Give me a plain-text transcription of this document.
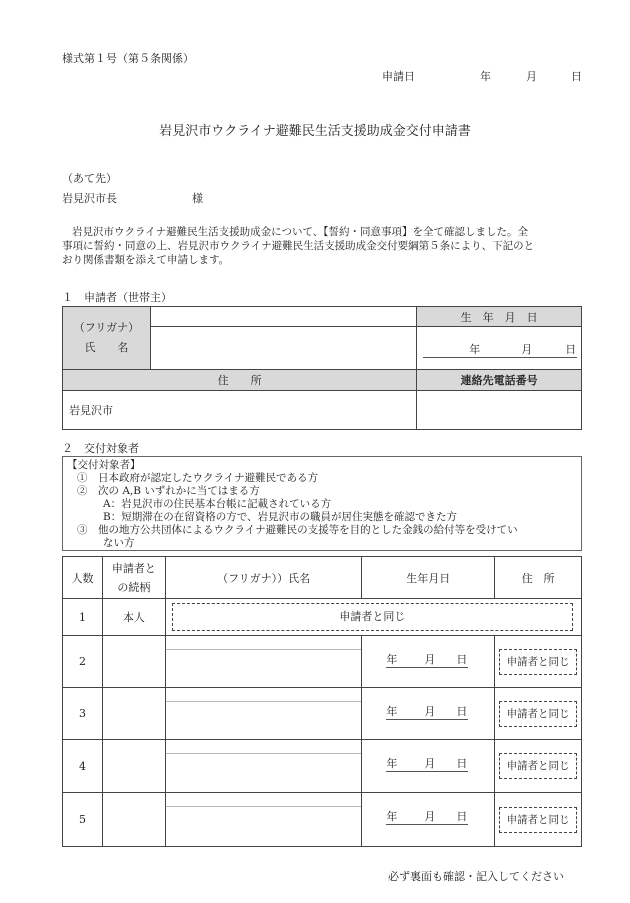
様式第１号（第５条関係）
申請日	年	月	日
岩見沢市ウクライナ避難民生活支援助成金交付申請書
（あて先）
岩見沢市長	様
岩見沢市ウクライナ避難民生活支援助成金について、【誓約・同意事項】を全て確認しました。全
事項に誓約・同意の上、岩見沢市ウクライナ避難民生活支援助成金交付要綱第５条により、下記のと
おり関係書類を添えて申請します。
１　申請者（世帯主）
（フリガナ）
氏　　名		生　年　月　日

		年 月 日

住　　所		連絡先電話番号
岩見沢市		
２　交付対象者
【交付対象者】
①　日本政府が認定したウクライナ避難民である方
②　次の A,B いずれかに当てはまる方
A：岩見沢市の住民基本台帳に記載されている方
B：短期滞在の在留資格の方で、岩見沢市の職員が居住実態を確認できた方
③　他の地方公共団体によるウクライナ避難民の支援等を目的とした金銭の給付等を受けてい
ない方
人数	申請者と
の続柄	（フリガナ））氏名	生年月日	住　所
1	本人	申請者と同じ		

2			年 月 日	申請者と同じ

3			年 月 日	申請者と同じ

4			年 月 日	申請者と同じ

5			年 月 日	申請者と同じ
必ず裏面も確認・記入してください
